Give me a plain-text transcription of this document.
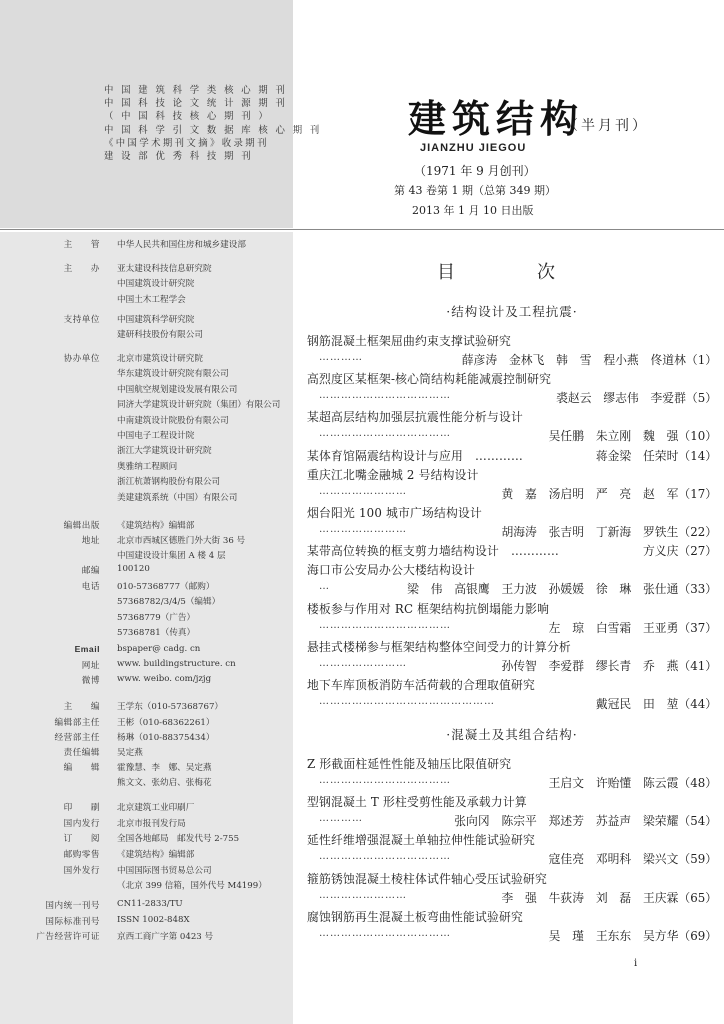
中 国 建 筑 科 学 类 核 心 期 刊
中 国 科 技 论 文 统 计 源 期 刊
（ 中 国 科 技 核 心 期 刊 ）
中 国 科 学 引 文 数 据 库 核 心 期 刊
《中国学术期刊文摘》收录期刊
建 设 部 优 秀 科 技 期 刊
建筑结构
（半月刊）
JIANZHU JIEGOU
（1971 年 9 月创刊）
第 43 卷第 1 期（总第 349 期）
2013 年 1 月 10 日出版
主　　管 中华人民共和国住房和城乡建设部
主　　办 亚太建设科技信息研究院
中国建筑设计研究院
中国土木工程学会
支持单位 中国建筑科学研究院
建研科技股份有限公司
协办单位 北京市建筑设计研究院
华东建筑设计研究院有限公司
中国航空规划建设发展有限公司
同济大学建筑设计研究院（集团）有限公司
中南建筑设计院股份有限公司
中国电子工程设计院
浙江大学建筑设计研究院
奥雅纳工程顾问
浙江杭萧钢构股份有限公司
美建建筑系统（中国）有限公司
编辑出版 《建筑结构》编辑部
地址 北京市西城区德胜门外大街 36 号
中国建设设计集团 A 楼 4 层
邮编 100120
电话 010-57368777（邮购）
57368782/3/4/5（编辑）
57368779（广告）
57368781（传真）
Email bspaper@ cadg. cn
网址 www. buildingstructure. cn
微博 www. weibo. com/jzjg
主　　编 王学东（010-57368767）
编辑部主任 王彬（010-68362261）
经营部主任 杨琳（010-88375434）
责任编辑 吴定燕
编　　辑 霍豫慧、李　娜、吴定燕
熊文文、张幼启、张梅花
印　　刷 北京建筑工业印刷厂
国内发行 北京市报刊发行局
订　　阅 全国各地邮局　邮发代号 2-755
邮购零售 《建筑结构》编辑部
国外发行 中国国际图书贸易总公司
（北京 399 信箱，国外代号 M4199）
国内统一刊号 CN11-2833/TU
国际标准刊号 ISSN 1002-848X
广告经营许可证 京西工商广字第 0423 号
目　次
·结构设计及工程抗震·
钢筋混凝土框架屈曲约束支撑试验研究
…………	薛彦涛　金林飞　韩　雪　程小燕　佟道林（1）
高烈度区某框架-核心筒结构耗能减震控制研究
………………………………	裘赵云　缪志伟　李爱群（5）
某超高层结构加强层抗震性能分析与设计
………………………………	吴任鹏　朱立刚　魏　强（10）
某体育馆隔震结构设计与应用　…………	蒋金梁　任荣时（14）
重庆江北嘴金融城 2 号结构设计
……………………	黄　嘉　汤启明　严　亮　赵　军（17）
烟台阳光 100 城市广场结构设计
……………………	胡海涛　张吉明　丁新海　罗铁生（22）
某带高位转换的框支剪力墙结构设计　…………	方义庆（27）
海口市公安局办公大楼结构设计
…	梁　伟　高银鹰　王力波　孙媛媛　徐　琳　张仕通（33）
楼板参与作用对 RC 框架结构抗倒塌能力影响
………………………………	左　琼　白雪霜　王亚勇（37）
悬挂式楼梯参与框架结构整体空间受力的计算分析
……………………	孙传智　李爱群　缪长青　乔　燕（41）
地下车库顶板消防车活荷载的合理取值研究
…………………………………………	戴冠民　田　堃（44）
·混凝土及其组合结构·
Z 形截面柱延性性能及轴压比限值研究
………………………………	王启文　许贻懂　陈云霞（48）
型钢混凝土 T 形柱受剪性能及承载力计算
…………	张向冈　陈宗平　郑述芳　苏益声　梁荣耀（54）
延性纤维增强混凝土单轴拉伸性能试验研究
………………………………	寇佳亮　邓明科　梁兴文（59）
箍筋锈蚀混凝土棱柱体试件轴心受压试验研究
……………………	李　强　牛荻涛　刘　磊　王庆霖（65）
腐蚀钢筋再生混凝土板弯曲性能试验研究
………………………………	吴　瑾　王东东　吴方华（69）
i
